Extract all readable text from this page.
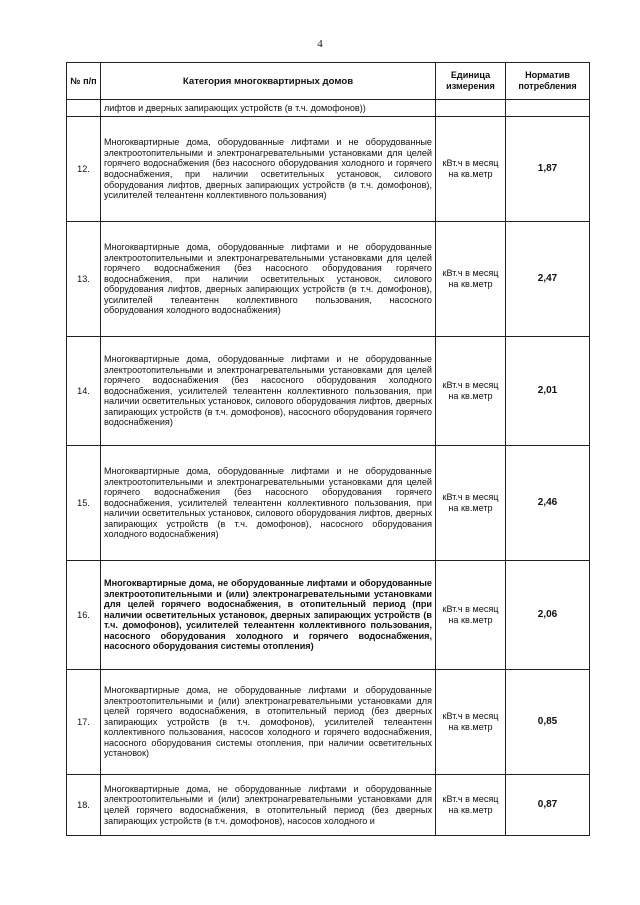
4
№ п/п	Категория многоквартирных домов	Единица измерения	Норматив потребления
	лифтов и дверных запирающих устройств (в т.ч. домофонов))		
12.	Многоквартирные дома, оборудованные лифтами и не оборудованные электроотопительными и электронагревательными установками для целей горячего водоснабжения (без насосного оборудования холодного и горячего водоснабжения, при наличии осветительных установок, силового оборудования лифтов, дверных запирающих устройств (в т.ч. домофонов), усилителей телеантенн коллективного пользования)	кВт.ч в месяц на кв.метр	1,87
13.	Многоквартирные дома, оборудованные лифтами и не оборудованные электроотопительными и электронагревательными установками для целей горячего водоснабжения (без насосного оборудования горячего водоснабжения, при наличии осветительных установок, силового оборудования лифтов, дверных запирающих устройств (в т.ч. домофонов), усилителей телеантенн коллективного пользования, насосного оборудования холодного водоснабжения)	кВт.ч в месяц на кв.метр	2,47
14.	Многоквартирные дома, оборудованные лифтами и не оборудованные электроотопительными и электронагревательными установками для целей горячего водоснабжения (без насосного оборудования холодного водоснабжения, усилителей телеантенн коллективного пользования, при наличии осветительных установок, силового оборудования лифтов, дверных запирающих устройств (в т.ч. домофонов), насосного оборудования горячего водоснабжения)	кВт.ч в месяц на кв.метр	2,01
15.	Многоквартирные дома, оборудованные лифтами и не оборудованные электроотопительными и электронагревательными установками для целей горячего водоснабжения (без насосного оборудования горячего водоснабжения, усилителей телеантенн коллективного пользования, при наличии осветительных установок, силового оборудования лифтов, дверных запирающих устройств (в т.ч. домофонов), насосного оборудования холодного водоснабжения)	кВт.ч в месяц на кв.метр	2,46
16.	Многоквартирные дома, не оборудованные лифтами и оборудованные электроотопительными и (или) электронагревательными установками для целей горячего водоснабжения, в отопительный период (при наличии осветительных установок, дверных запирающих устройств (в т.ч. домофонов), усилителей телеантенн коллективного пользования, насосного оборудования холодного и горячего водоснабжения, насосного оборудования системы отопления)	кВт.ч в месяц на кв.метр	2,06
17.	Многоквартирные дома, не оборудованные лифтами и оборудованные электроотопительными и (или) электронагревательными установками для целей горячего водоснабжения, в отопительный период (без дверных запирающих устройств (в т.ч. домофонов), усилителей телеантенн коллективного пользования, насосов холодного и горячего водоснабжения, насосного оборудования системы отопления, при наличии осветительных установок)	кВт.ч в месяц на кв.метр	0,85
18.	Многоквартирные дома, не оборудованные лифтами и оборудованные электроотопительными и (или) электронагревательными установками для целей горячего водоснабжения, в отопительный период (без дверных запирающих устройств (в т.ч. домофонов), насосов холодного и	кВт.ч в месяц на кв.метр	0,87
